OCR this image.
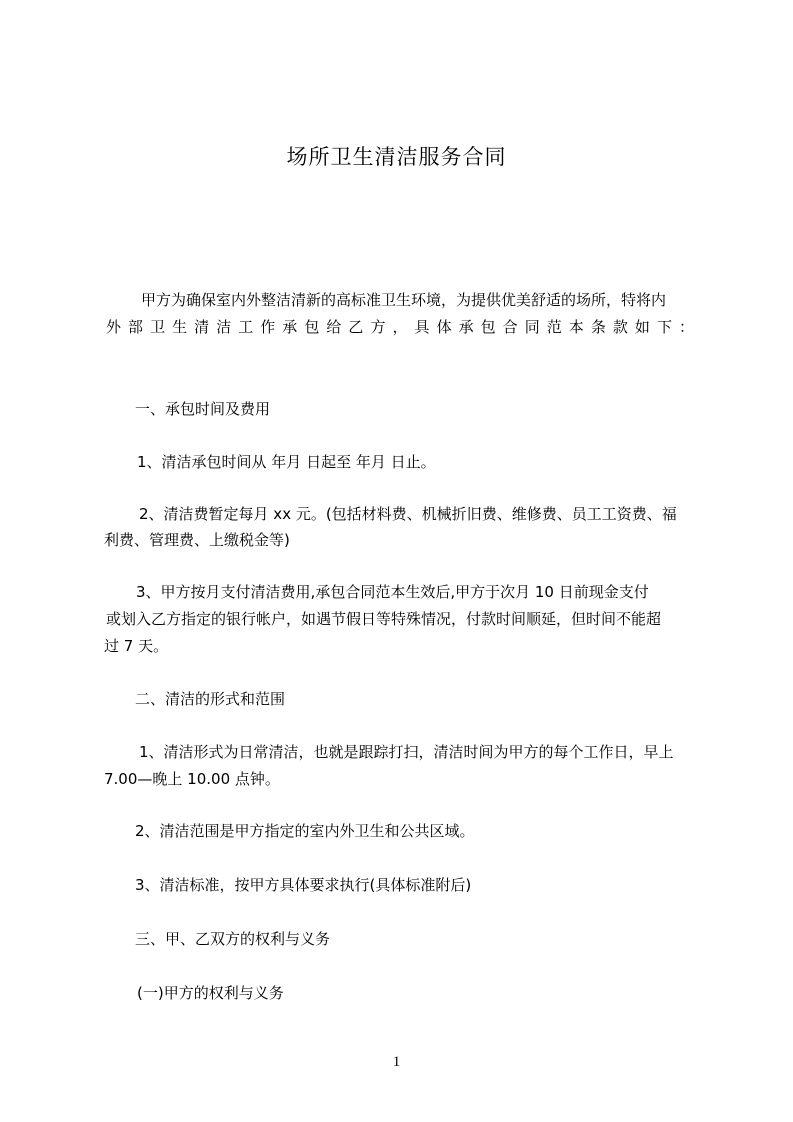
场所卫生清洁服务合同
甲方为确保室内外整洁清新的高标准卫生环境，为提供优美舒适的场所，特将内
外部卫生清洁工作承包给乙方，具体承包合同范本条款如下：
一、承包时间及费用
1、清洁承包时间从 年月 日起至 年月 日止。
2、清洁费暂定每月 xx 元。(包括材料费、机械折旧费、维修费、员工工资费、福
利费、管理费、上缴税金等)
3、甲方按月支付清洁费用,承包合同范本生效后,甲方于次月 10 日前现金支付
或划入乙方指定的银行帐户，如遇节假日等特殊情况，付款时间顺延，但时间不能超
过 7 天。
二、清洁的形式和范围
1、清洁形式为日常清洁，也就是跟踪打扫，清洁时间为甲方的每个工作日，早上
7.00—晚上 10.00 点钟。
2、清洁范围是甲方指定的室内外卫生和公共区域。
3、清洁标准，按甲方具体要求执行(具体标准附后)
三、甲、乙双方的权利与义务
(一)甲方的权利与义务
1
